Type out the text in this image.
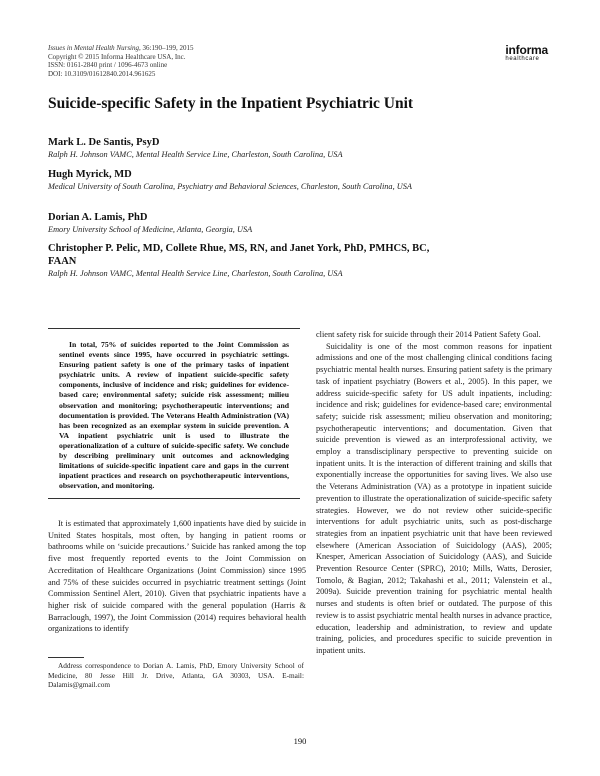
Issues in Mental Health Nursing, 36:190–199, 2015
Copyright © 2015 Informa Healthcare USA, Inc.
ISSN: 0161-2840 print / 1096-4673 online
DOI: 10.3109/01612840.2014.961625
informa
healthcare
Suicide-specific Safety in the Inpatient Psychiatric Unit
Mark L. De Santis, PsyD
Ralph H. Johnson VAMC, Mental Health Service Line, Charleston, South Carolina, USA
Hugh Myrick, MD
Medical University of South Carolina, Psychiatry and Behavioral Sciences, Charleston, South Carolina, USA
Dorian A. Lamis, PhD
Emory University School of Medicine, Atlanta, Georgia, USA
Christopher P. Pelic, MD, Collete Rhue, MS, RN, and Janet York, PhD, PMHCS, BC, FAAN
Ralph H. Johnson VAMC, Mental Health Service Line, Charleston, South Carolina, USA
In total, 75% of suicides reported to the Joint Commission as sentinel events since 1995, have occurred in psychiatric settings. Ensuring patient safety is one of the primary tasks of inpatient psychiatric units. A review of inpatient suicide-specific safety components, inclusive of incidence and risk; guidelines for evidence-based care; environmental safety; suicide risk assessment; milieu observation and monitoring; psychotherapeutic interventions; and documentation is provided. The Veterans Health Administration (VA) has been recognized as an exemplar system in suicide prevention. A VA inpatient psychiatric unit is used to illustrate the operationalization of a culture of suicide-specific safety. We conclude by describing preliminary unit outcomes and acknowledging limitations of suicide-specific inpatient care and gaps in the current inpatient practices and research on psychotherapeutic interventions, observation, and monitoring.
It is estimated that approximately 1,600 inpatients have died by suicide in United States hospitals, most often, by hanging in patient rooms or bathrooms while on ‘suicide precautions.’ Suicide has ranked among the top five most frequently reported events to the Joint Commission on Accreditation of Healthcare Organizations (Joint Commission) since 1995 and 75% of these suicides occurred in psychiatric treatment settings (Joint Commission Sentinel Alert, 2010). Given that psychiatric inpatients have a higher risk of suicide compared with the general population (Harris & Barraclough, 1997), the Joint Commission (2014) requires behavioral health organizations to identify
Address correspondence to Dorian A. Lamis, PhD, Emory University School of Medicine, 80 Jesse Hill Jr. Drive, Atlanta, GA 30303, USA. E-mail: Dalamis@gmail.com

client safety risk for suicide through their 2014 Patient Safety Goal.

Suicidality is one of the most common reasons for inpatient admissions and one of the most challenging clinical conditions facing psychiatric mental health nurses. Ensuring patient safety is the primary task of inpatient psychiatry (Bowers et al., 2005). In this paper, we address suicide-specific safety for US adult inpatients, including: incidence and risk; guidelines for evidence-based care; environmental safety; suicide risk assessment; milieu observation and monitoring; psychotherapeutic interventions; and documentation. Given that suicide prevention is viewed as an interprofessional activity, we employ a transdisciplinary perspective to preventing suicide on inpatient units. It is the interaction of different training and skills that exponentially increase the opportunities for saving lives. We also use the Veterans Administration (VA) as a prototype in inpatient suicide prevention to illustrate the operationalization of suicide-specific safety strategies. However, we do not review other suicide-specific interventions for adult psychiatric units, such as post-discharge strategies from an inpatient psychiatric unit that have been reviewed elsewhere (American Association of Suicidology (AAS), 2005; Knesper, American Association of Suicidology (AAS), and Suicide Prevention Resource Center (SPRC), 2010; Mills, Watts, Derosier, Tomolo, & Bagian, 2012; Takahashi et al., 2011; Valenstein et al., 2009a). Suicide prevention training for psychiatric mental health nurses and students is often brief or outdated. The purpose of this review is to assist psychiatric mental health nurses in advance practice, education, leadership and administration, to review and update training, policies, and procedures specific to suicide prevention in inpatient units.

190
